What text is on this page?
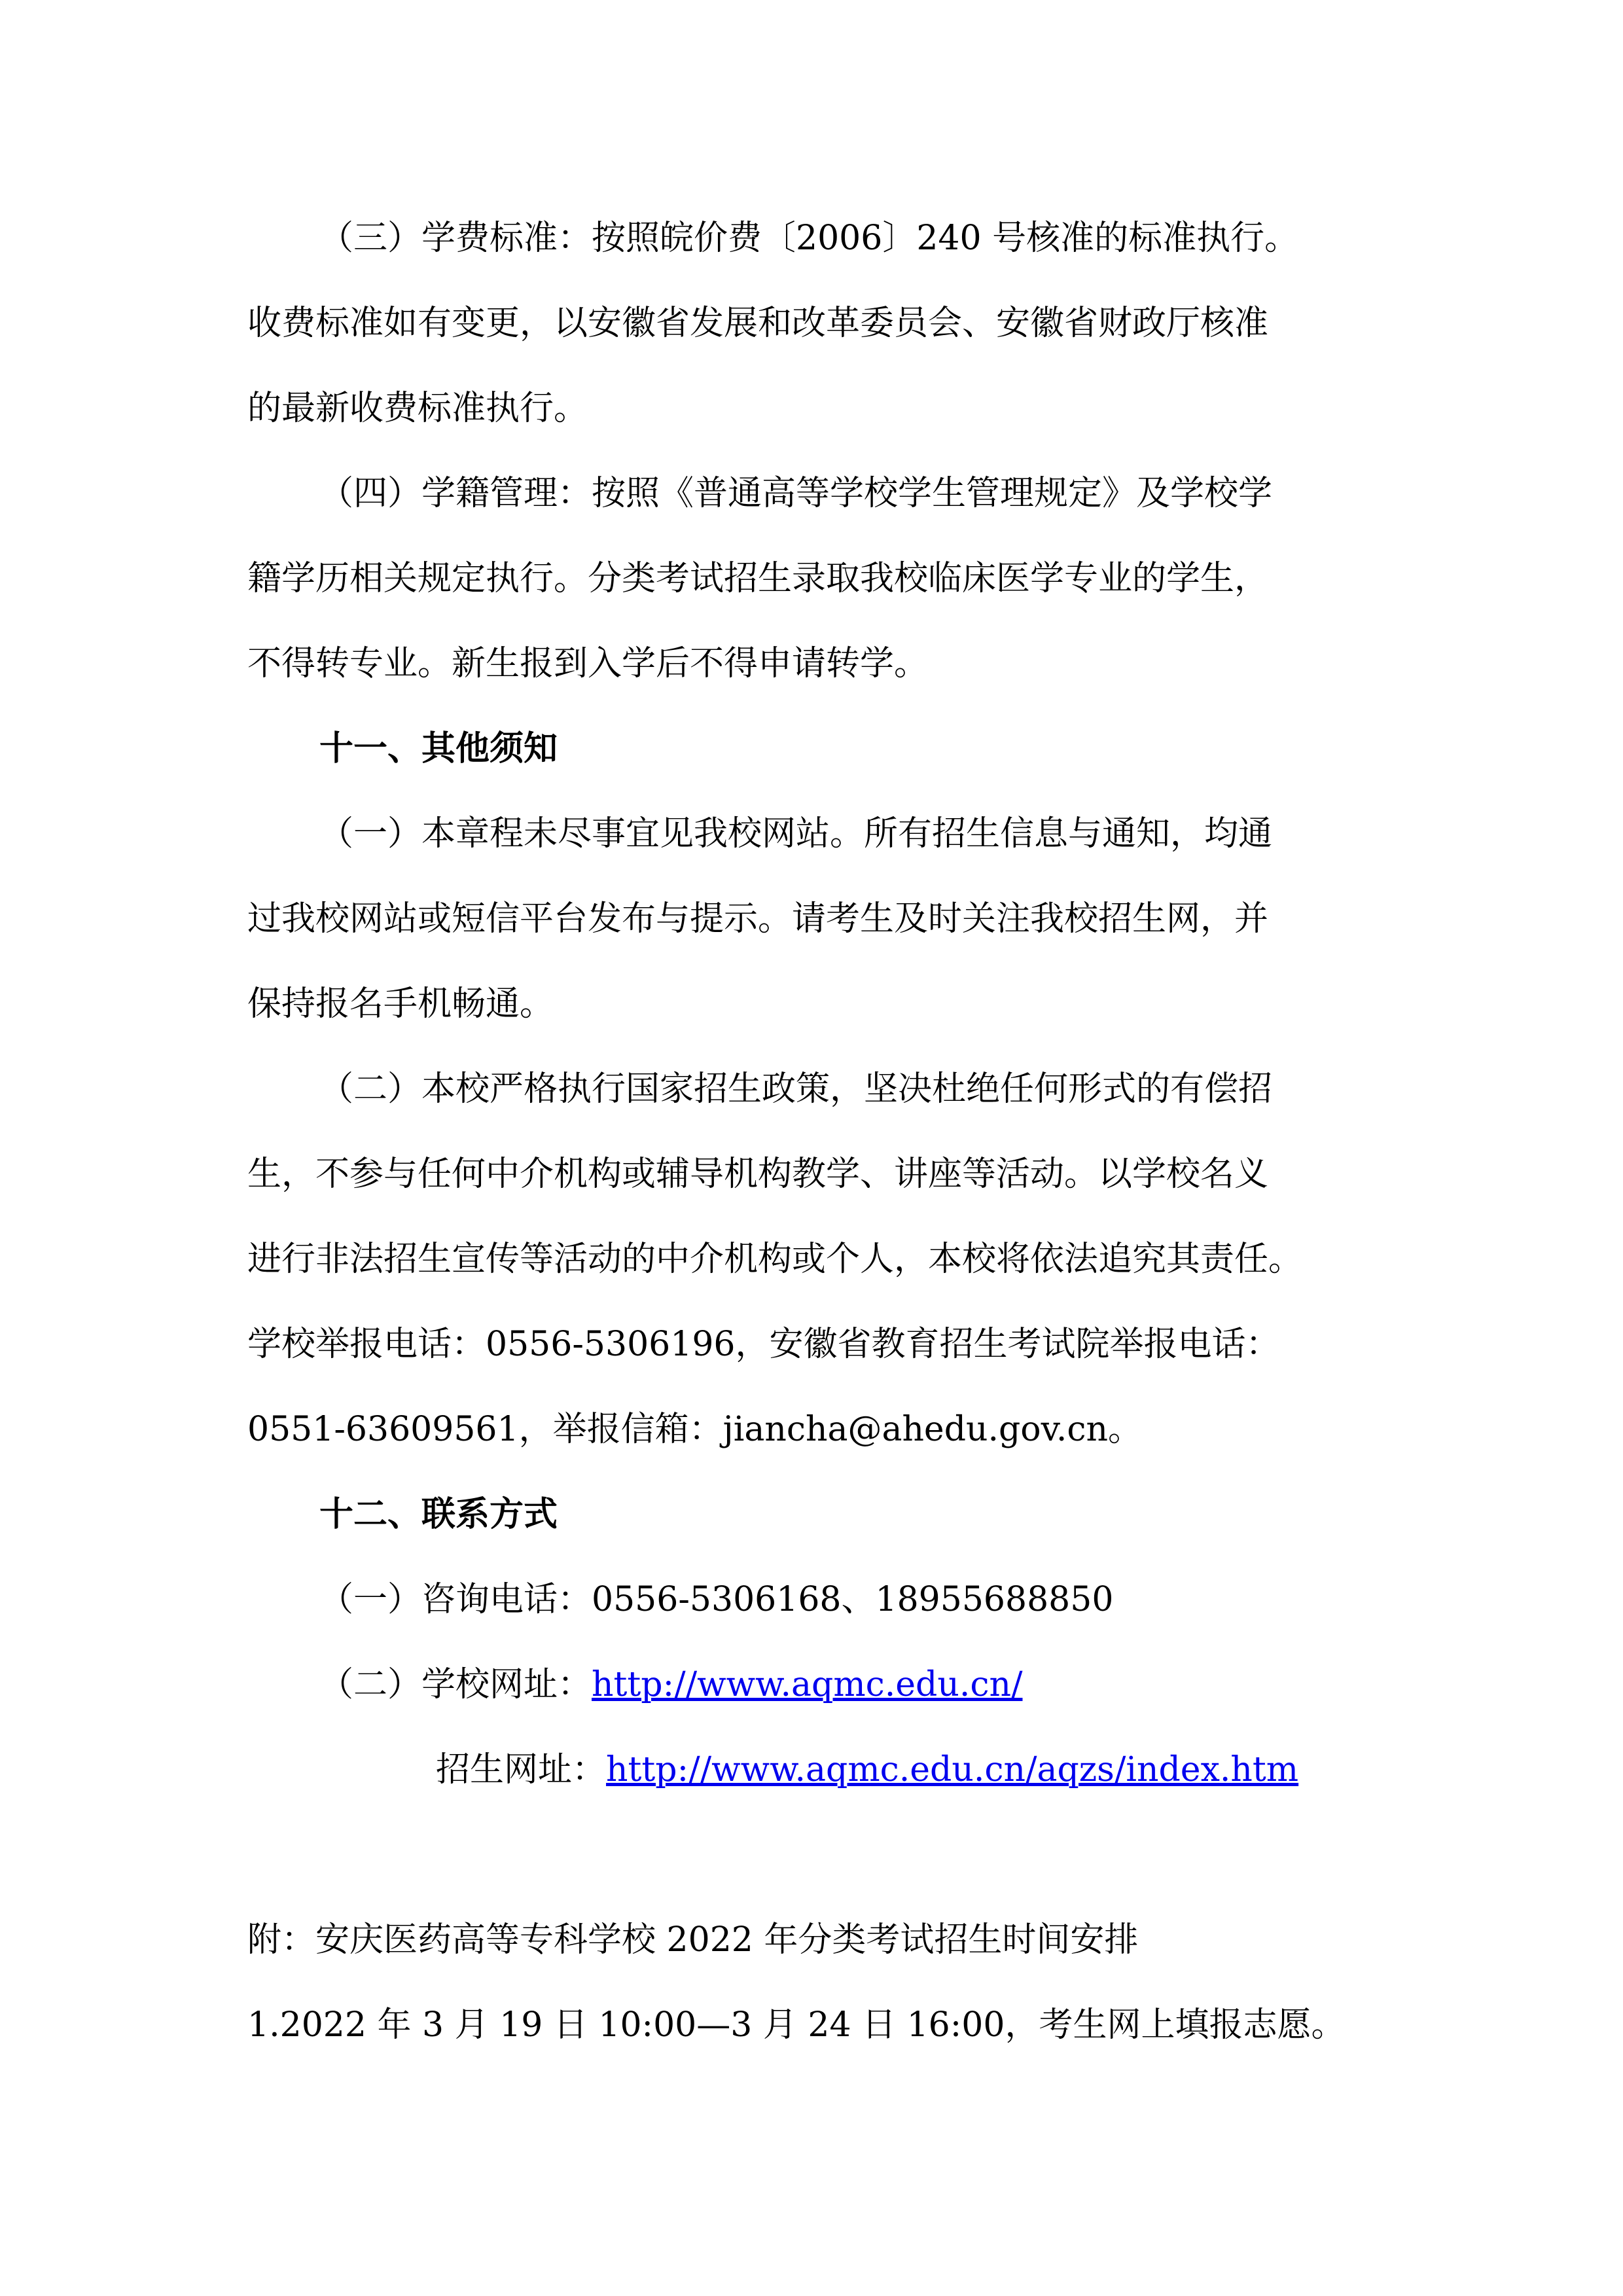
（三）学费标准：按照皖价费〔2006〕240 号核准的标准执行。
收费标准如有变更，以安徽省发展和改革委员会、安徽省财政厅核准
的最新收费标准执行。
（四）学籍管理：按照《普通高等学校学生管理规定》及学校学
籍学历相关规定执行。分类考试招生录取我校临床医学专业的学生，
不得转专业。新生报到入学后不得申请转学。
十一、其他须知
（一）本章程未尽事宜见我校网站。所有招生信息与通知，均通
过我校网站或短信平台发布与提示。请考生及时关注我校招生网，并
保持报名手机畅通。
（二）本校严格执行国家招生政策，坚决杜绝任何形式的有偿招
生，不参与任何中介机构或辅导机构教学、讲座等活动。以学校名义
进行非法招生宣传等活动的中介机构或个人，本校将依法追究其责任。
学校举报电话：0556-5306196，安徽省教育招生考试院举报电话：
0551-63609561，举报信箱：jiancha@ahedu.gov.cn。
十二、联系方式
（一）咨询电话：0556-5306168、18955688850
（二）学校网址：http://www.aqmc.edu.cn/
招生网址：http://www.aqmc.edu.cn/aqzs/index.htm
附：安庆医药高等专科学校 2022 年分类考试招生时间安排
1.2022 年 3 月 19 日 10:00—3 月 24 日 16:00，考生网上填报志愿。
